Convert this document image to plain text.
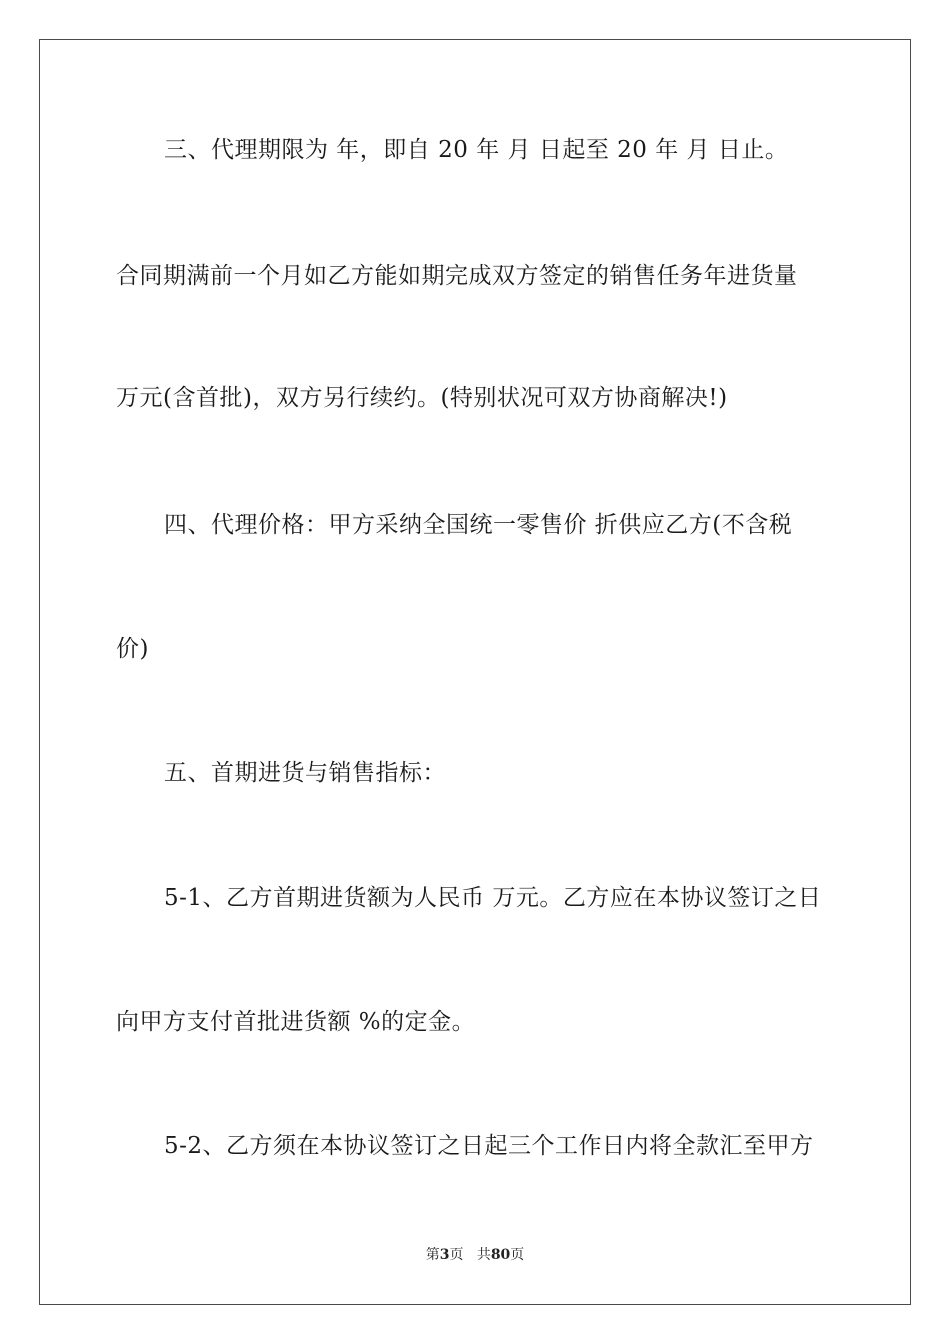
三、代理期限为 年，即自 20 年 月 日起至 20 年 月 日止。
合同期满前一个月如乙方能如期完成双方签定的销售任务年进货量
万元(含首批)，双方另行续约。(特别状况可双方协商解决!)
四、代理价格：甲方采纳全国统一零售价 折供应乙方(不含税
价)
五、首期进货与销售指标：
5-1、乙方首期进货额为人民币 万元。乙方应在本协议签订之日
向甲方支付首批进货额 %的定金。
5-2、乙方须在本协议签订之日起三个工作日内将全款汇至甲方
第3页 共80页
